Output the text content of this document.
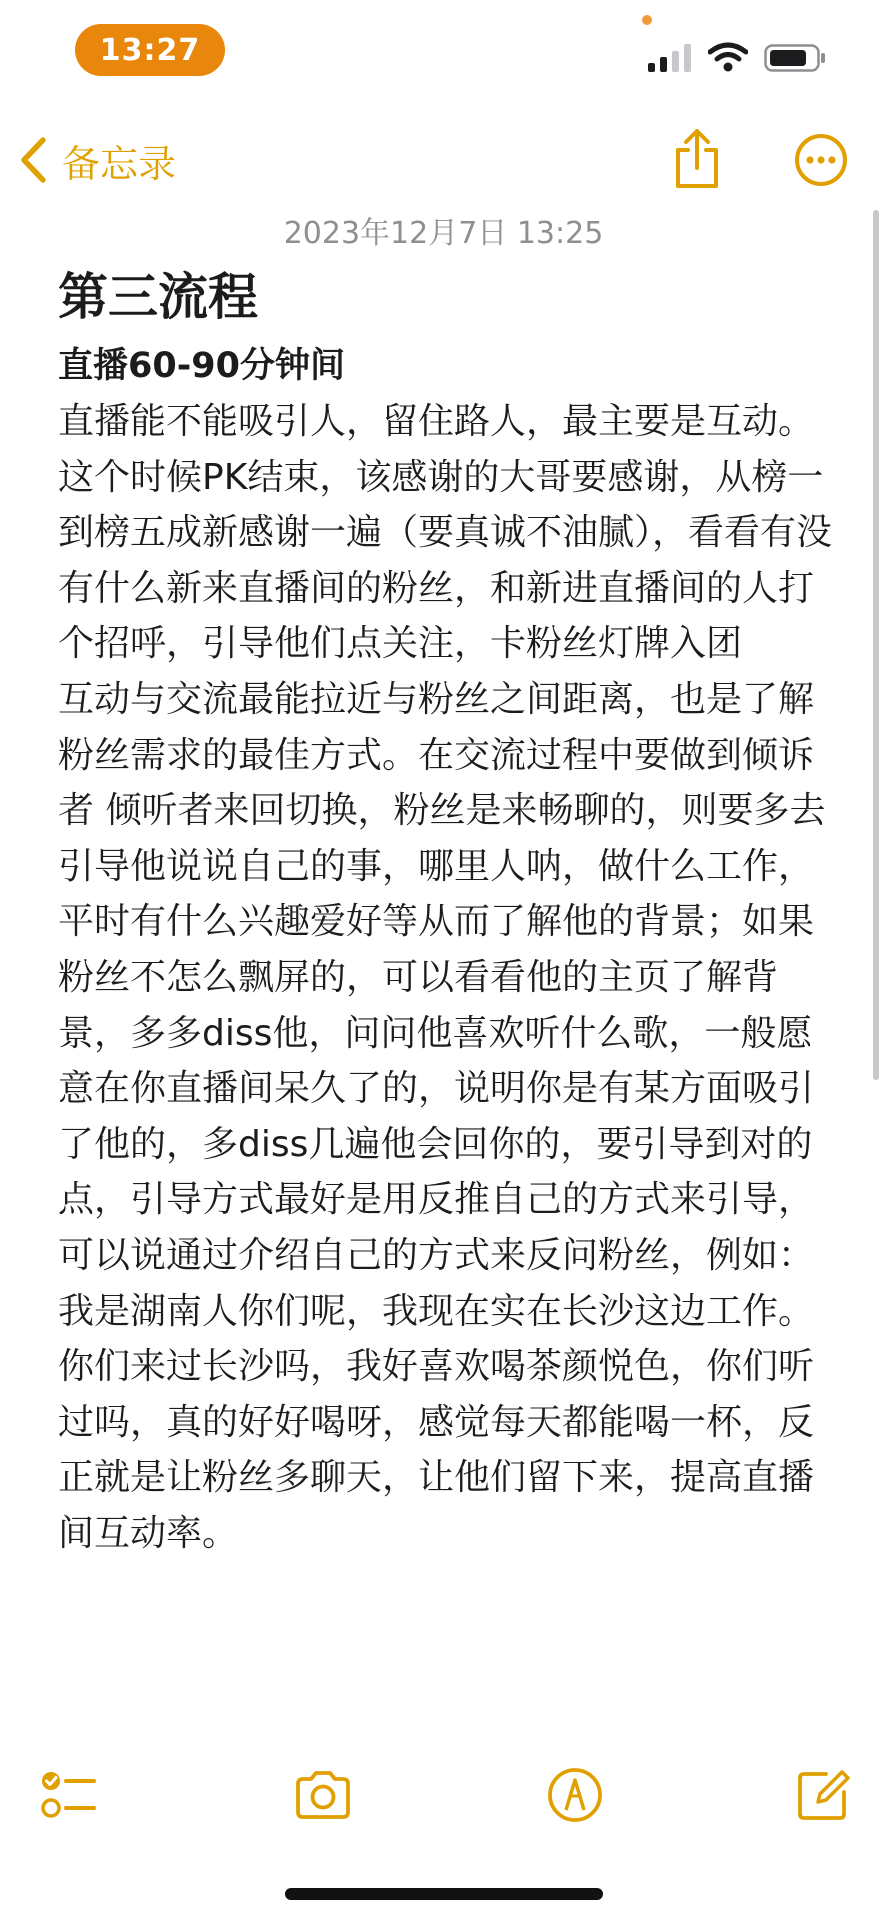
13:27
备忘录
2023年12月7日 13:25
第三流程
直播60-90分钟间

直播能不能吸引人，留住路人，最主要是互动。

这个时候PK结束，该感谢的大哥要感谢，从榜一到榜五成新感谢一遍（要真诚不油腻），看看有没有什么新来直播间的粉丝，和新进直播间的人打个招呼，引导他们点关注，卡粉丝灯牌入团

互动与交流最能拉近与粉丝之间距离，也是了解粉丝需求的最佳方式。在交流过程中要做到倾诉者 倾听者来回切换，粉丝是来畅聊的，则要多去引导他说说自己的事，哪里人呐，做什么工作，平时有什么兴趣爱好等从而了解他的背景；如果粉丝不怎么飘屏的，可以看看他的主页了解背景，多多diss他，问问他喜欢听什么歌，一般愿意在你直播间呆久了的，说明你是有某方面吸引了他的，多diss几遍他会回你的，要引导到对的点，引导方式最好是用反推自己的方式来引导，可以说通过介绍自己的方式来反问粉丝，例如：我是湖南人你们呢，我现在实在长沙这边工作。你们来过长沙吗，我好喜欢喝茶颜悦色，你们听过吗，真的好好喝呀，感觉每天都能喝一杯，反正就是让粉丝多聊天，让他们留下来，提高直播间互动率。
